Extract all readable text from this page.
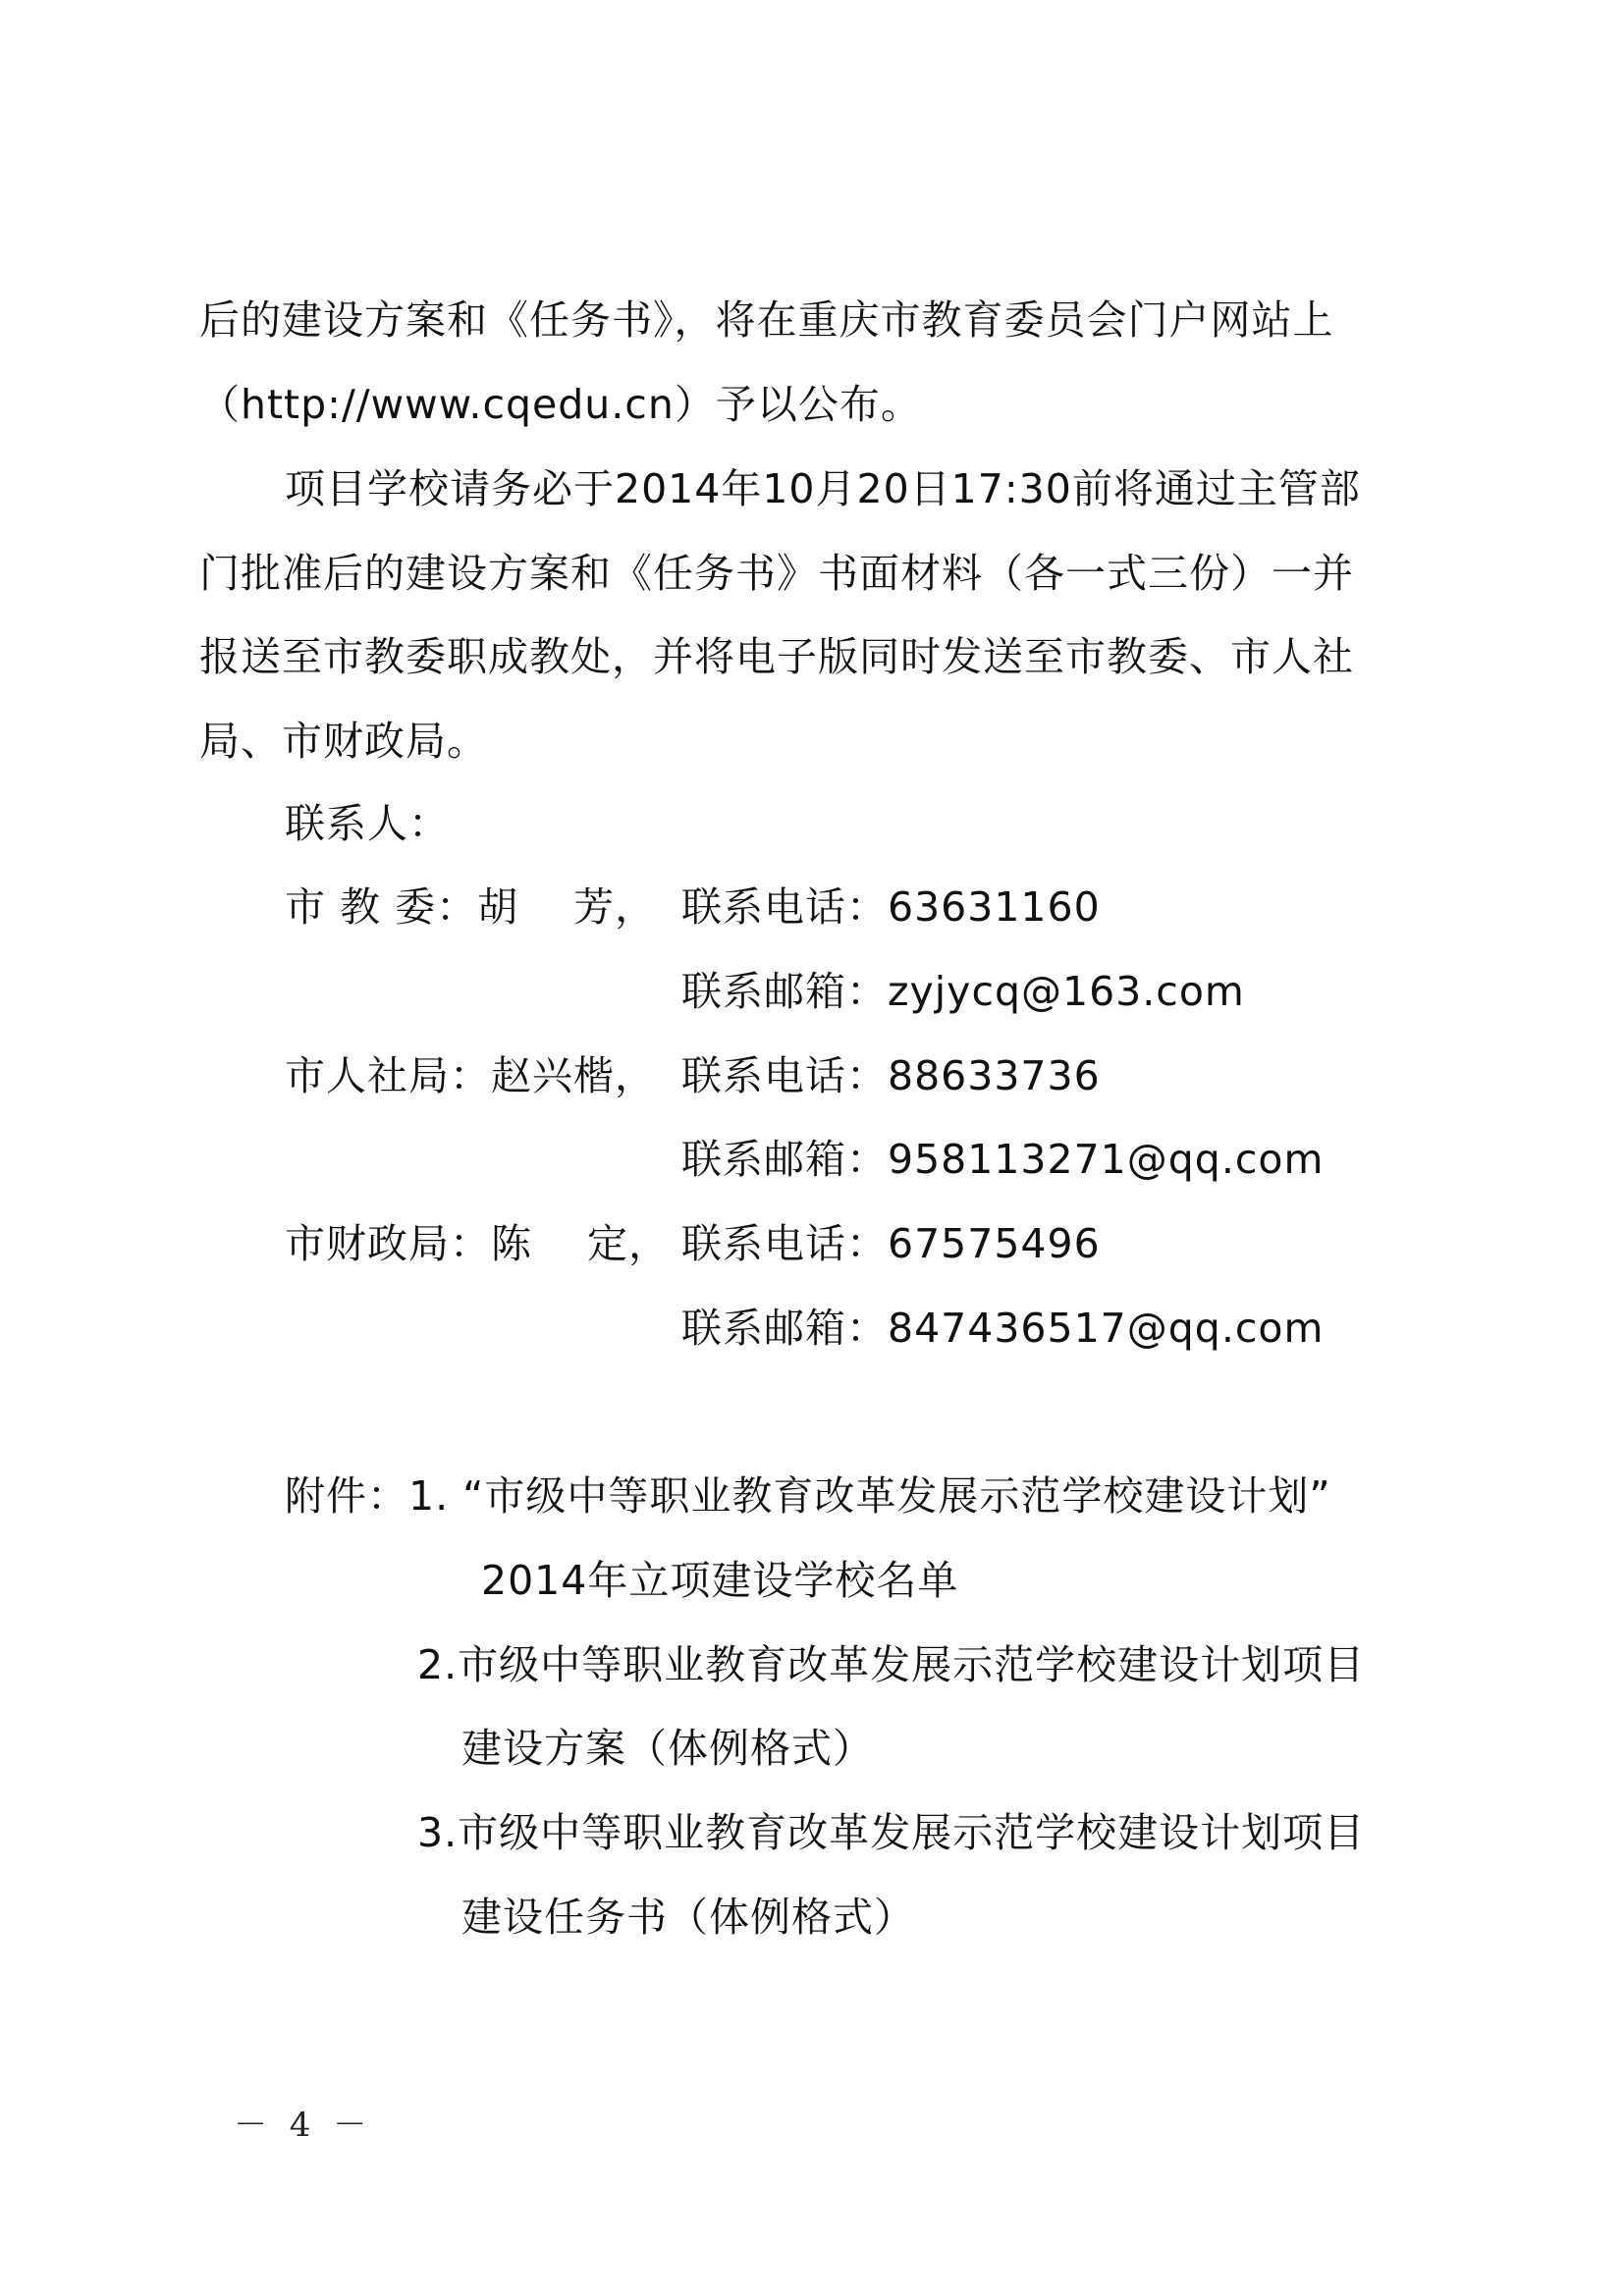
后的建设方案和《任务书》，将在重庆市教育委员会门户网站上
（http://www.cqedu.cn）予以公布。
项目学校请务必于2014年10月20日17:30前将通过主管部
门批准后的建设方案和《任务书》书面材料（各一式三份）一并
报送至市教委职成教处，并将电子版同时发送至市教委、市人社
局、市财政局。
联系人：
市 教 委：胡　 芳， 联系电话：63631160
联系邮箱：zyjycq@163.com
市人社局：赵兴楷， 联系电话：88633736
联系邮箱：958113271@qq.com
市财政局：陈　 定， 联系电话：67575496
联系邮箱：847436517@qq.com
附件：1. “市级中等职业教育改革发展示范学校建设计划”
2014年立项建设学校名单
2.市级中等职业教育改革发展示范学校建设计划项目
建设方案（体例格式）
3.市级中等职业教育改革发展示范学校建设计划项目
建设任务书（体例格式）
－ 4 －
